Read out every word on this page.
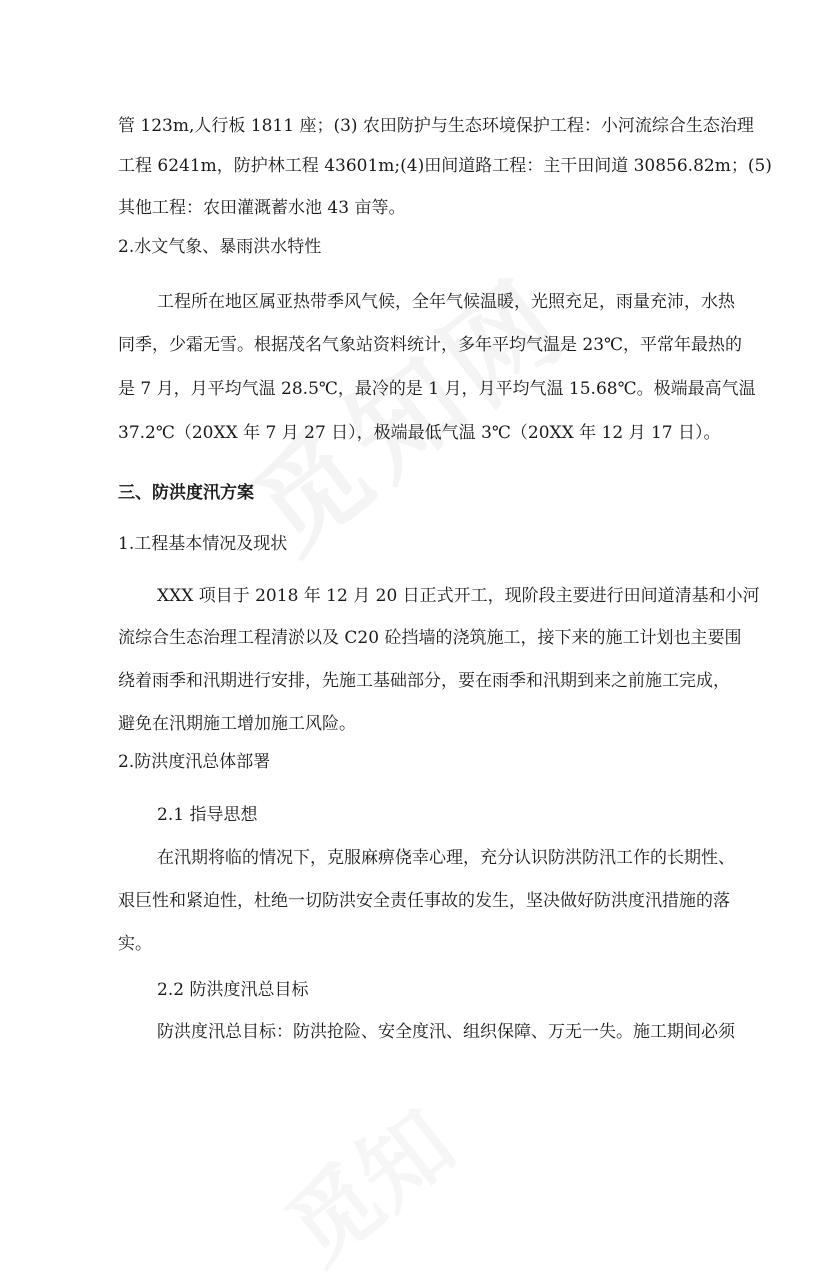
管 123m,人行板 1811 座；(3) 农田防护与生态环境保护工程：小河流综合生态治理
工程 6241m，防护林工程 43601m;(4)田间道路工程：主干田间道 30856.82m；(5)
其他工程：农田灌溉蓄水池 43 亩等。
2.水文气象、暴雨洪水特性
工程所在地区属亚热带季风气候，全年气候温暖，光照充足，雨量充沛，水热
同季，少霜无雪。根据茂名气象站资料统计，多年平均气温是 23℃，平常年最热的
是 7 月，月平均气温 28.5℃，最冷的是 1 月，月平均气温 15.68℃。极端最高气温
37.2℃（20XX 年 7 月 27 日），极端最低气温 3℃（20XX 年 12 月 17 日）。
三、防洪度汛方案
1.工程基本情况及现状
XXX 项目于 2018 年 12 月 20 日正式开工，现阶段主要进行田间道清基和小河
流综合生态治理工程清淤以及 C20 砼挡墙的浇筑施工，接下来的施工计划也主要围
绕着雨季和汛期进行安排，先施工基础部分，要在雨季和汛期到来之前施工完成，
避免在汛期施工增加施工风险。
2.防洪度汛总体部署
2.1 指导思想
在汛期将临的情况下，克服麻痹侥幸心理，充分认识防洪防汛工作的长期性、
艰巨性和紧迫性，杜绝一切防洪安全责任事故的发生，坚决做好防洪度汛措施的落
实。
2.2 防洪度汛总目标
防洪度汛总目标：防洪抢险、安全度汛、组织保障、万无一失。施工期间必须
